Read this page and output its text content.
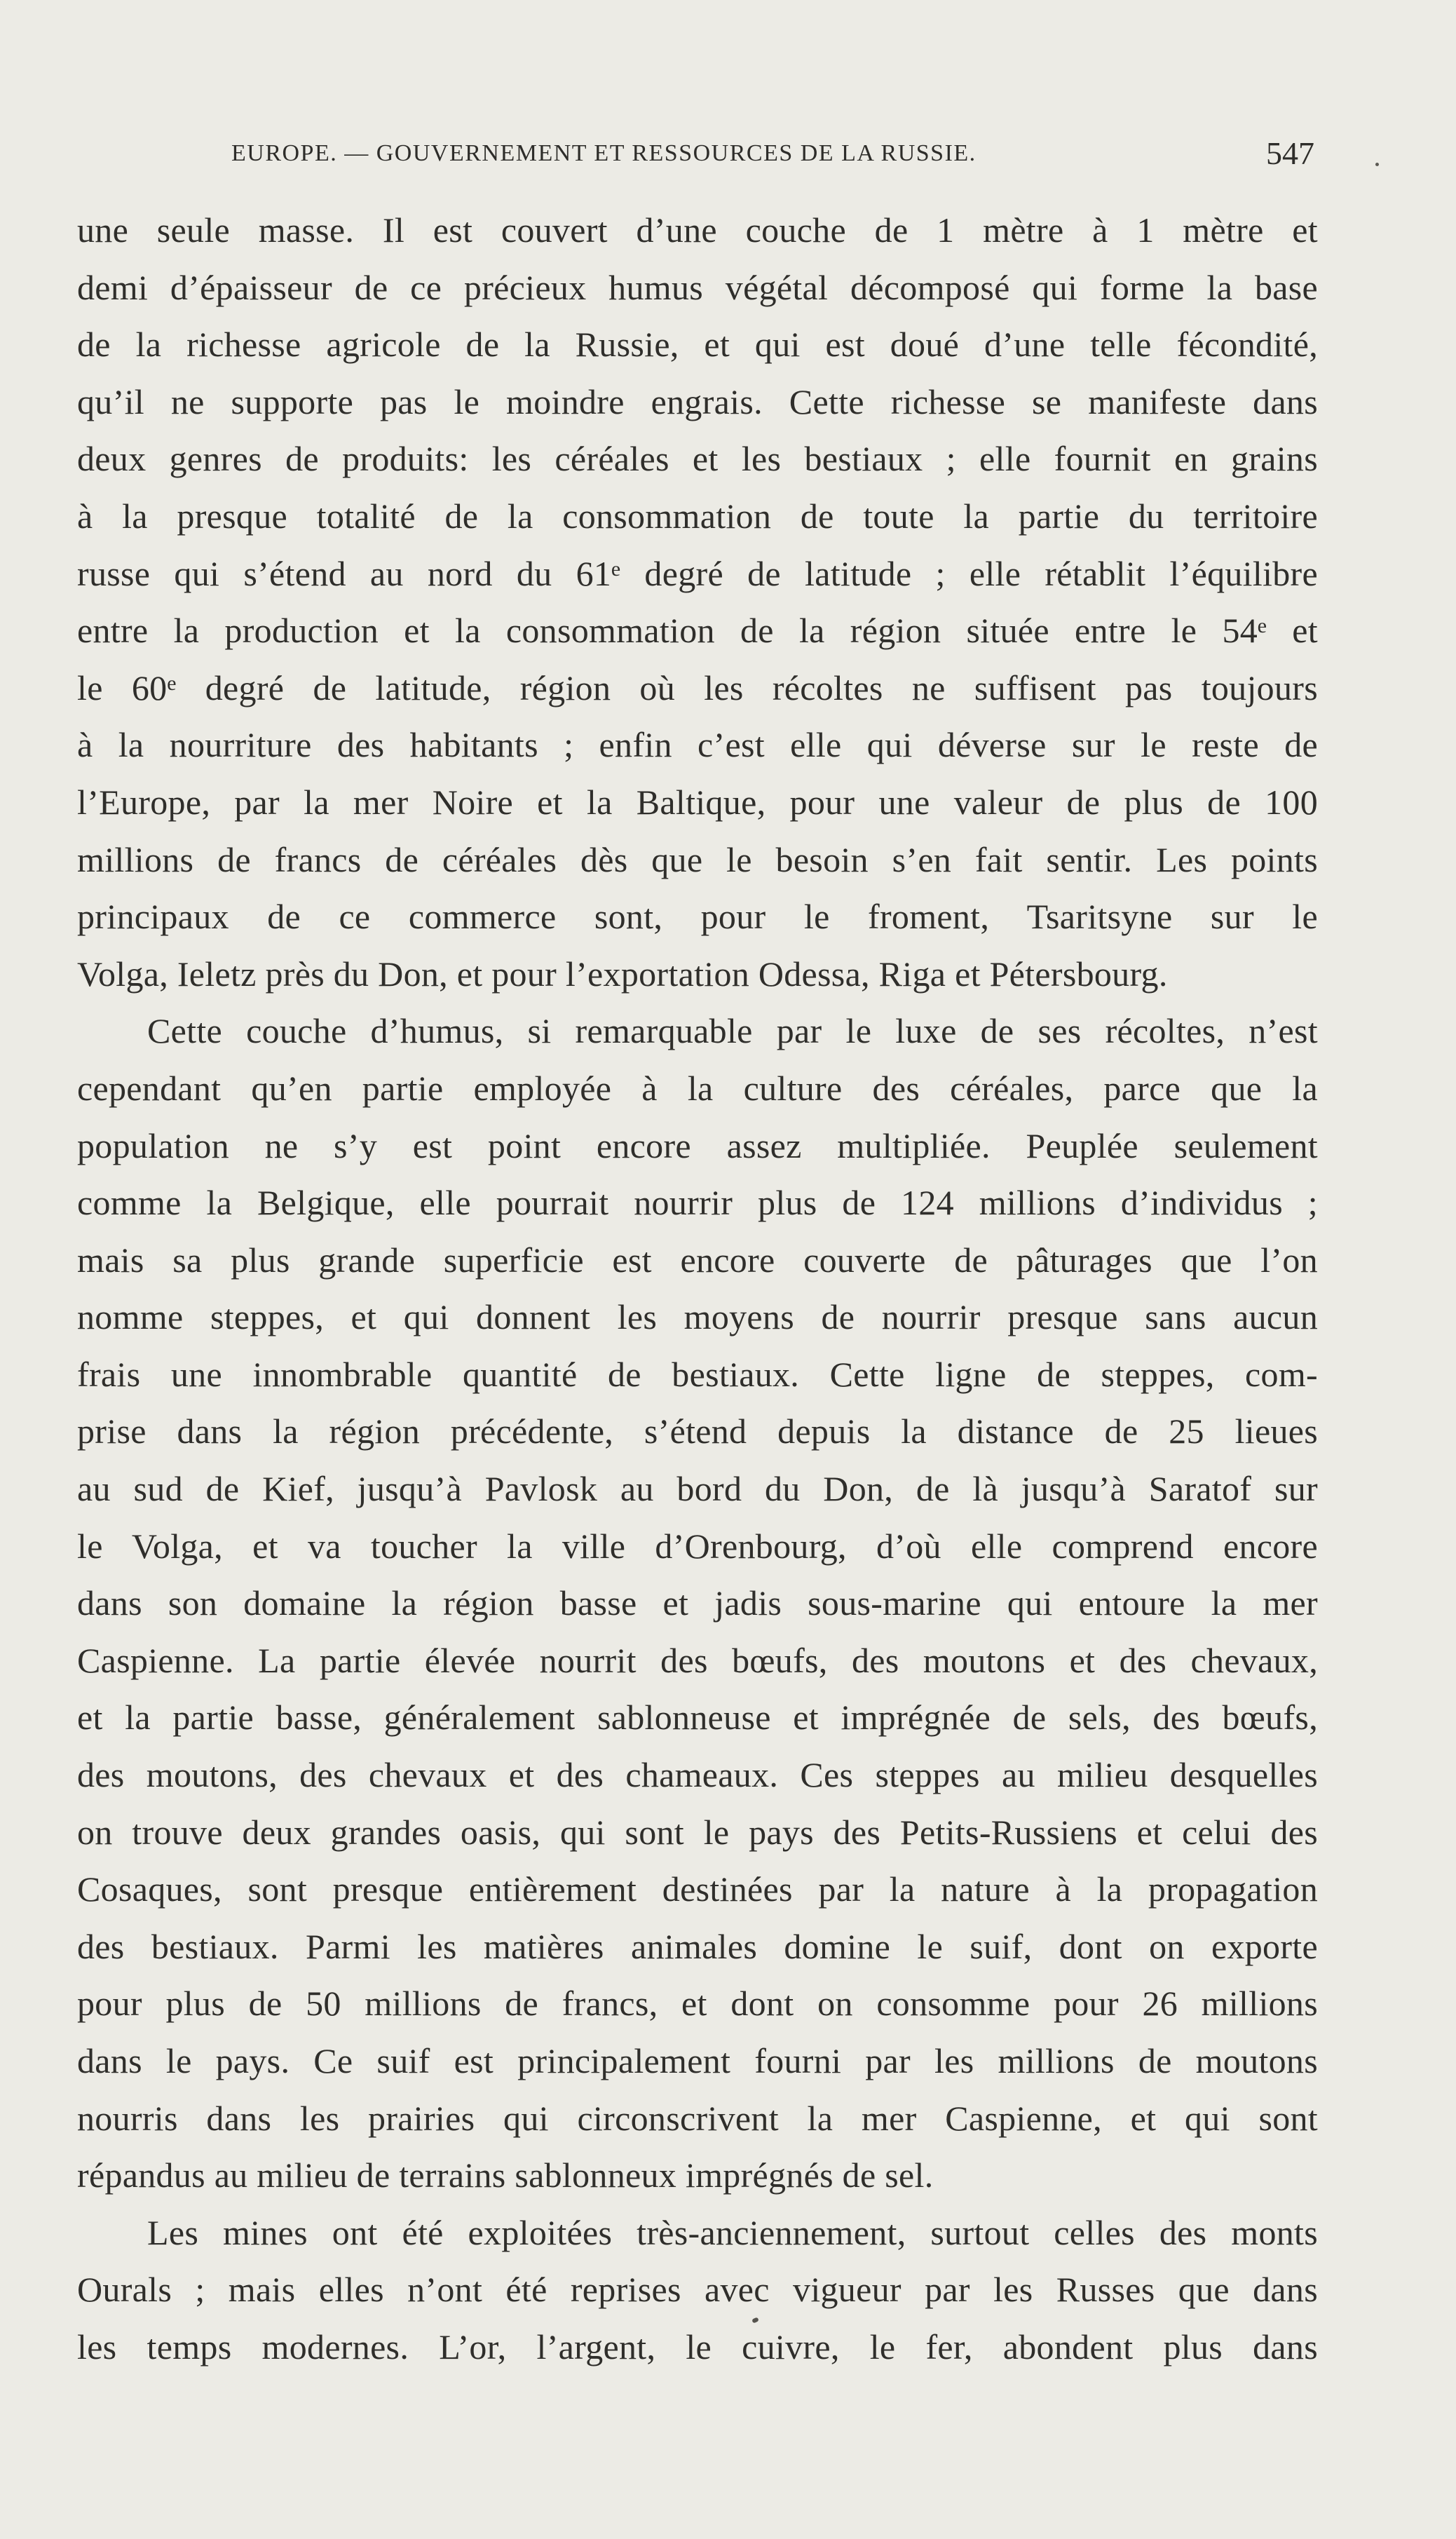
EUROPE. — GOUVERNEMENT ET RESSOURCES DE LA RUSSIE.	547
une seule masse. Il est couvert d’une couche de 1 mètre à 1 mètre et
demi d’épaisseur de ce précieux humus végétal décomposé qui forme la base
de la richesse agricole de la Russie, et qui est doué d’une telle fécondité,
qu’il ne supporte pas le moindre engrais. Cette richesse se manifeste dans
deux genres de produits: les céréales et les bestiaux ; elle fournit en grains
à la presque totalité de la consommation de toute la partie du territoire
russe qui s’étend au nord du 61ᵉ degré de latitude ; elle rétablit l’équilibre
entre la production et la consommation de la région située entre le 54ᵉ et
le 60ᵉ degré de latitude, région où les récoltes ne suffisent pas toujours
à la nourriture des habitants ; enfin c’est elle qui déverse sur le reste de
l’Europe, par la mer Noire et la Baltique, pour une valeur de plus de 100
millions de francs de céréales dès que le besoin s’en fait sentir. Les points
principaux de ce commerce sont, pour le froment, Tsaritsyne sur le
Volga, Ieletz près du Don, et pour l’exportation Odessa, Riga et Pétersbourg.
Cette couche d’humus, si remarquable par le luxe de ses récoltes, n’est
cependant qu’en partie employée à la culture des céréales, parce que la
population ne s’y est point encore assez multipliée. Peuplée seulement
comme la Belgique, elle pourrait nourrir plus de 124 millions d’individus ;
mais sa plus grande superficie est encore couverte de pâturages que l’on
nomme steppes, et qui donnent les moyens de nourrir presque sans aucun
frais une innombrable quantité de bestiaux. Cette ligne de steppes, com-
prise dans la région précédente, s’étend depuis la distance de 25 lieues
au sud de Kief, jusqu’à Pavlosk au bord du Don, de là jusqu’à Saratof sur
le Volga, et va toucher la ville d’Orenbourg, d’où elle comprend encore
dans son domaine la région basse et jadis sous-marine qui entoure la mer
Caspienne. La partie élevée nourrit des bœufs, des moutons et des chevaux,
et la partie basse, généralement sablonneuse et imprégnée de sels, des bœufs,
des moutons, des chevaux et des chameaux. Ces steppes au milieu desquelles
on trouve deux grandes oasis, qui sont le pays des Petits-Russiens et celui des
Cosaques, sont presque entièrement destinées par la nature à la propagation
des bestiaux. Parmi les matières animales domine le suif, dont on exporte
pour plus de 50 millions de francs, et dont on consomme pour 26 millions
dans le pays. Ce suif est principalement fourni par les millions de moutons
nourris dans les prairies qui circonscrivent la mer Caspienne, et qui sont
répandus au milieu de terrains sablonneux imprégnés de sel.
Les mines ont été exploitées très-anciennement, surtout celles des monts
Ourals ; mais elles n’ont été reprises avec vigueur par les Russes que dans
les temps modernes. L’or, l’argent, le cuivre, le fer, abondent plus dans
